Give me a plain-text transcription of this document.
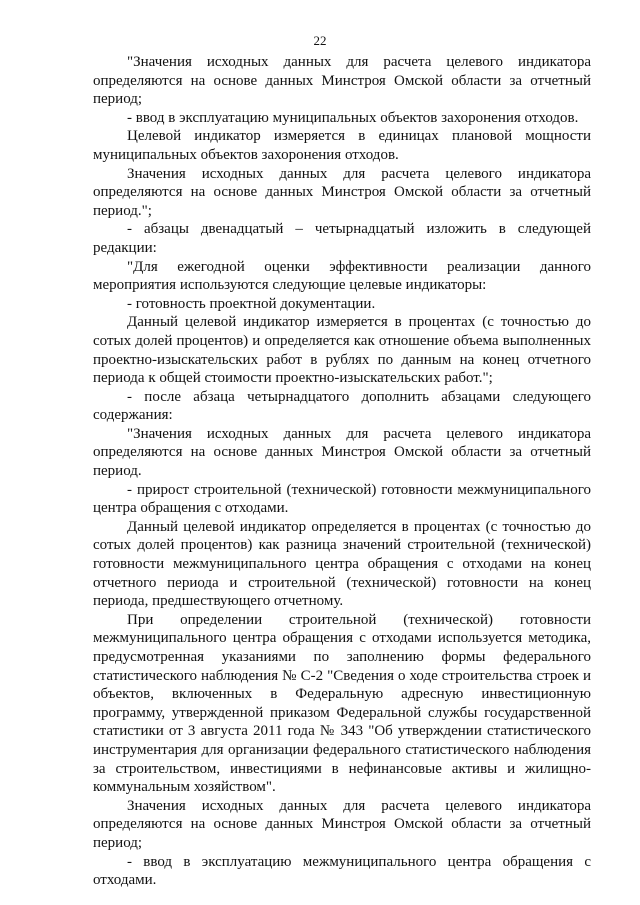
22

"Значения исходных данных для расчета целевого индикатора определяются на основе данных Минстроя Омской области за отчетный период;

- ввод в эксплуатацию муниципальных объектов захоронения отходов.

Целевой индикатор измеряется в единицах плановой мощности муниципальных объектов захоронения отходов.

Значения исходных данных для расчета целевого индикатора определяются на основе данных Минстроя Омской области за отчетный период.";

- абзацы двенадцатый – четырнадцатый изложить в следующей редакции:

"Для ежегодной оценки эффективности реализации данного мероприятия используются следующие целевые индикаторы:

- готовность проектной документации.

Данный целевой индикатор измеряется в процентах (с точностью до сотых долей процентов) и определяется как отношение объема выполненных проектно-изыскательских работ в рублях по данным на конец отчетного периода к общей стоимости проектно-изыскательских работ.";

- после абзаца четырнадцатого дополнить абзацами следующего содержания:

"Значения исходных данных для расчета целевого индикатора определяются на основе данных Минстроя Омской области за отчетный период.

- прирост строительной (технической) готовности межмуниципального центра обращения с отходами.

Данный целевой индикатор определяется в процентах (с точностью до сотых долей процентов) как разница значений строительной (технической) готовности межмуниципального центра обращения с отходами на конец отчетного периода и строительной (технической) готовности на конец периода, предшествующего отчетному.

При определении строительной (технической) готовности межмуниципального центра обращения с отходами используется методика, предусмотренная указаниями по заполнению формы федерального статистического наблюдения № С-2 "Сведения о ходе строительства строек и объектов, включенных в Федеральную адресную инвестиционную программу, утвержденной приказом Федеральной службы государственной статистики от 3 августа 2011 года № 343 "Об утверждении статистического инструментария для организации федерального статистического наблюдения за строительством, инвестициями в нефинансовые активы и жилищно-коммунальным хозяйством".

Значения исходных данных для расчета целевого индикатора определяются на основе данных Минстроя Омской области за отчетный период;

- ввод в эксплуатацию межмуниципального центра обращения с отходами.
